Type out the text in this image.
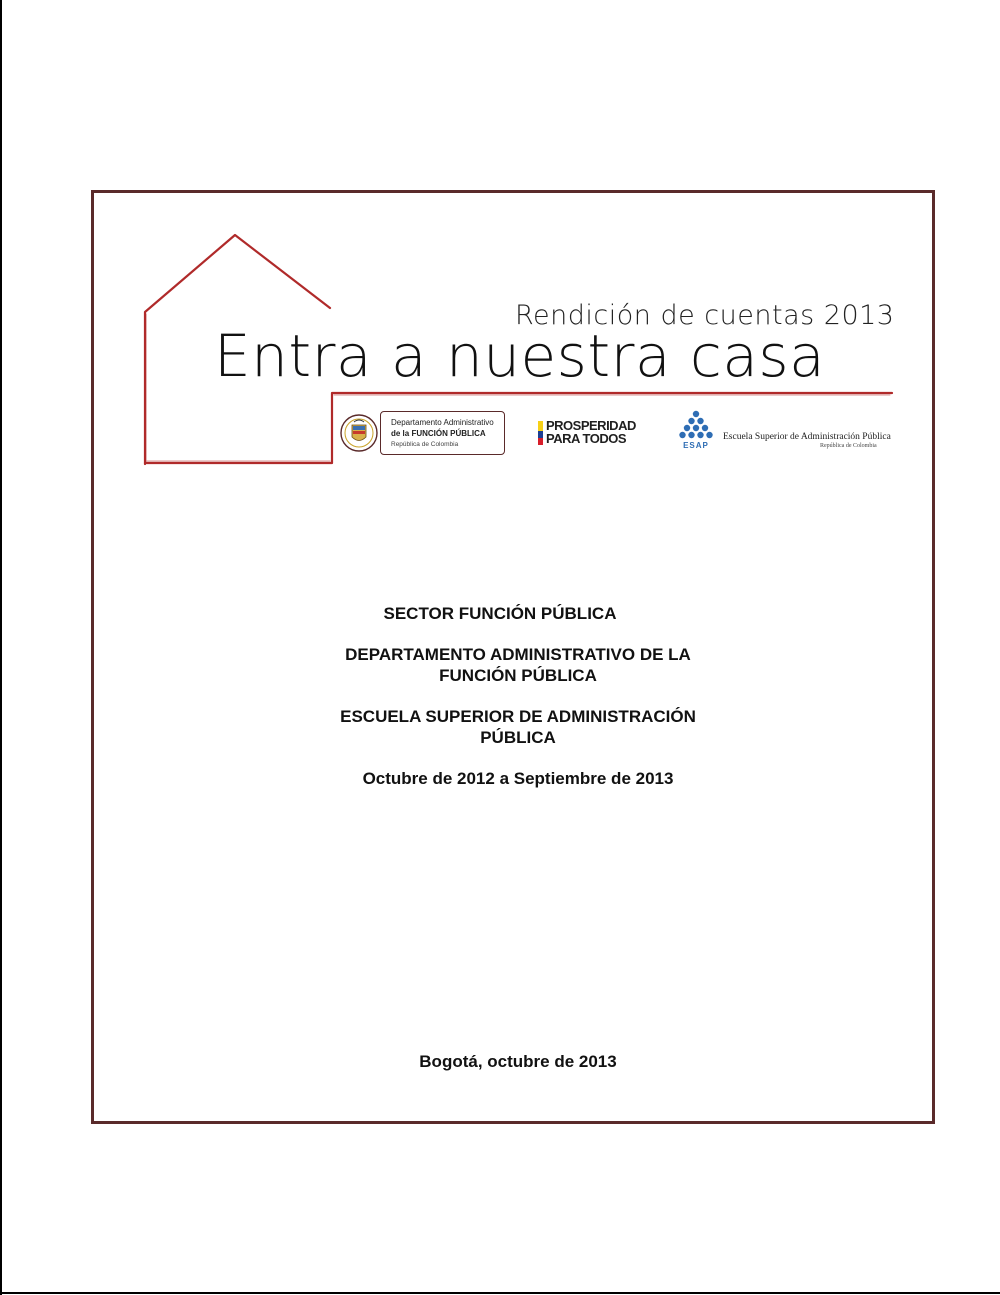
Rendición de cuentas 2013
Entra a nuestra casa
Departamento Administrativo
de la FUNCIÓN PÚBLICA
República de Colombia
PROSPERIDAD
PARA TODOS	ESAP
Escuela Superior de Administración Pública
República de Colombia
SECTOR FUNCIÓN PÚBLICA
DEPARTAMENTO ADMINISTRATIVO DE LA
FUNCIÓN PÚBLICA
ESCUELA SUPERIOR DE ADMINISTRACIÓN
PÚBLICA
Octubre de 2012 a Septiembre de 2013
Bogotá, octubre de 2013
